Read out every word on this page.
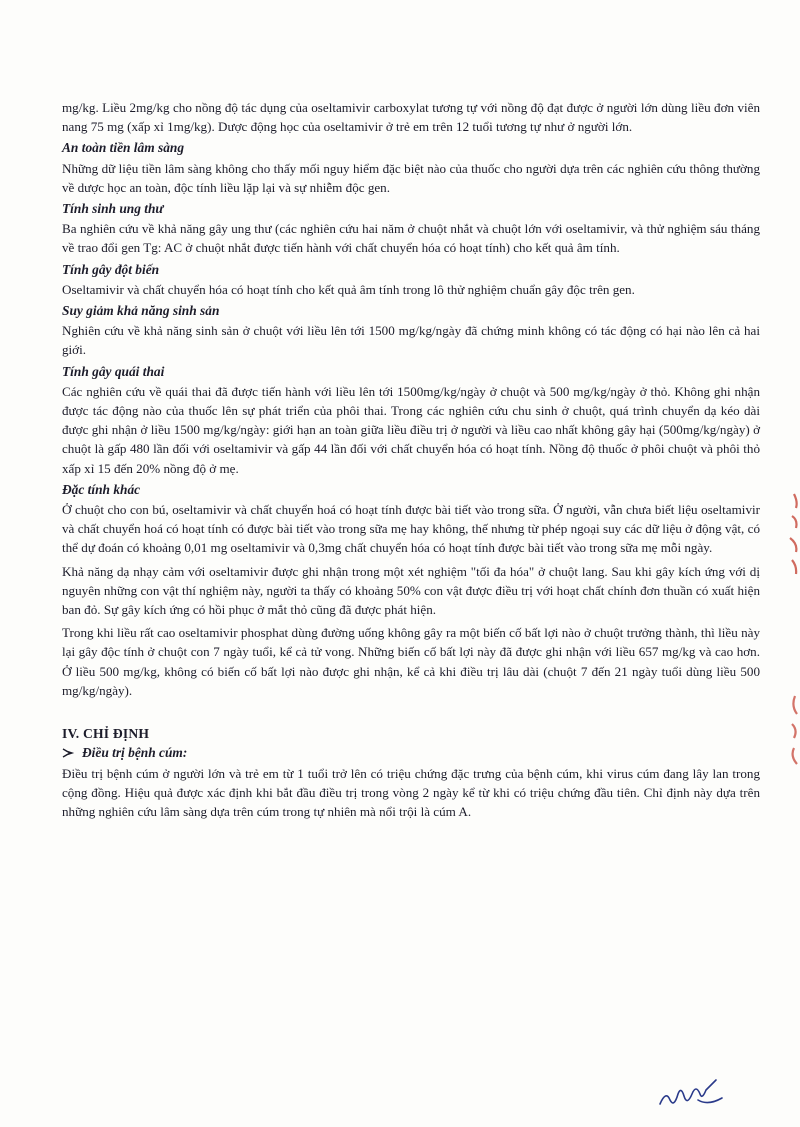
mg/kg. Liều 2mg/kg cho nồng độ tác dụng của oseltamivir carboxylat tương tự với nồng độ đạt được ở người lớn dùng liều đơn viên nang 75 mg (xấp xỉ 1mg/kg). Dược động học của oseltamivir ở trẻ em trên 12 tuổi tương tự như ở người lớn.

An toàn tiền lâm sàng

Những dữ liệu tiền lâm sàng không cho thấy mối nguy hiểm đặc biệt nào của thuốc cho người dựa trên các nghiên cứu thông thường về dược học an toàn, độc tính liều lặp lại và sự nhiễm độc gen.

Tính sinh ung thư

Ba nghiên cứu về khả năng gây ung thư (các nghiên cứu hai năm ở chuột nhắt và chuột lớn với oseltamivir, và thử nghiệm sáu tháng về trao đổi gen Tg: AC ở chuột nhắt được tiến hành với chất chuyển hóa có hoạt tính) cho kết quả âm tính.

Tính gây đột biến

Oseltamivir và chất chuyển hóa có hoạt tính cho kết quả âm tính trong lô thử nghiệm chuẩn gây độc trên gen.

Suy giảm khả năng sinh sản

Nghiên cứu về khả năng sinh sản ở chuột với liều lên tới 1500 mg/kg/ngày đã chứng minh không có tác động có hại nào lên cả hai giới.

Tính gây quái thai

Các nghiên cứu về quái thai đã được tiến hành với liều lên tới 1500mg/kg/ngày ở chuột và 500 mg/kg/ngày ở thỏ. Không ghi nhận được tác động nào của thuốc lên sự phát triển của phôi thai. Trong các nghiên cứu chu sinh ở chuột, quá trình chuyển dạ kéo dài được ghi nhận ở liều 1500 mg/kg/ngày: giới hạn an toàn giữa liều điều trị ở người và liều cao nhất không gây hại (500mg/kg/ngày) ở chuột là gấp 480 lần đối với oseltamivir và gấp 44 lần đối với chất chuyển hóa có hoạt tính. Nồng độ thuốc ở phôi chuột và phôi thỏ xấp xỉ 15 đến 20% nồng độ ở mẹ.

Đặc tính khác

Ở chuột cho con bú, oseltamivir và chất chuyển hoá có hoạt tính được bài tiết vào trong sữa. Ở người, vẫn chưa biết liệu oseltamivir và chất chuyển hoá có hoạt tính có được bài tiết vào trong sữa mẹ hay không, thế nhưng từ phép ngoại suy các dữ liệu ở động vật, có thể dự đoán có khoảng 0,01 mg oseltamivir và 0,3mg chất chuyển hóa có hoạt tính được bài tiết vào trong sữa mẹ mỗi ngày.

Khả năng dạ nhạy cảm với oseltamivir được ghi nhận trong một xét nghiệm "tối đa hóa" ở chuột lang. Sau khi gây kích ứng với dị nguyên những con vật thí nghiệm này, người ta thấy có khoảng 50% con vật được điều trị với hoạt chất chính đơn thuần có xuất hiện ban đỏ. Sự gây kích ứng có hồi phục ở mắt thỏ cũng đã được phát hiện.

Trong khi liều rất cao oseltamivir phosphat dùng đường uống không gây ra một biến cố bất lợi nào ở chuột trưởng thành, thì liều này lại gây độc tính ở chuột con 7 ngày tuổi, kể cả tử vong. Những biến cố bất lợi này đã được ghi nhận với liều 657 mg/kg và cao hơn. Ở liều 500 mg/kg, không có biến cố bất lợi nào được ghi nhận, kể cả khi điều trị lâu dài (chuột 7 đến 21 ngày tuổi dùng liều 500 mg/kg/ngày).

IV. CHỈ ĐỊNH

Điều trị bệnh cúm:

Điều trị bệnh cúm ở người lớn và trẻ em từ 1 tuổi trở lên có triệu chứng đặc trưng của bệnh cúm, khi virus cúm đang lây lan trong cộng đồng. Hiệu quả được xác định khi bắt đầu điều trị trong vòng 2 ngày kể từ khi có triệu chứng đầu tiên. Chỉ định này dựa trên những nghiên cứu lâm sàng dựa trên cúm trong tự nhiên mà nổi trội là cúm A.
